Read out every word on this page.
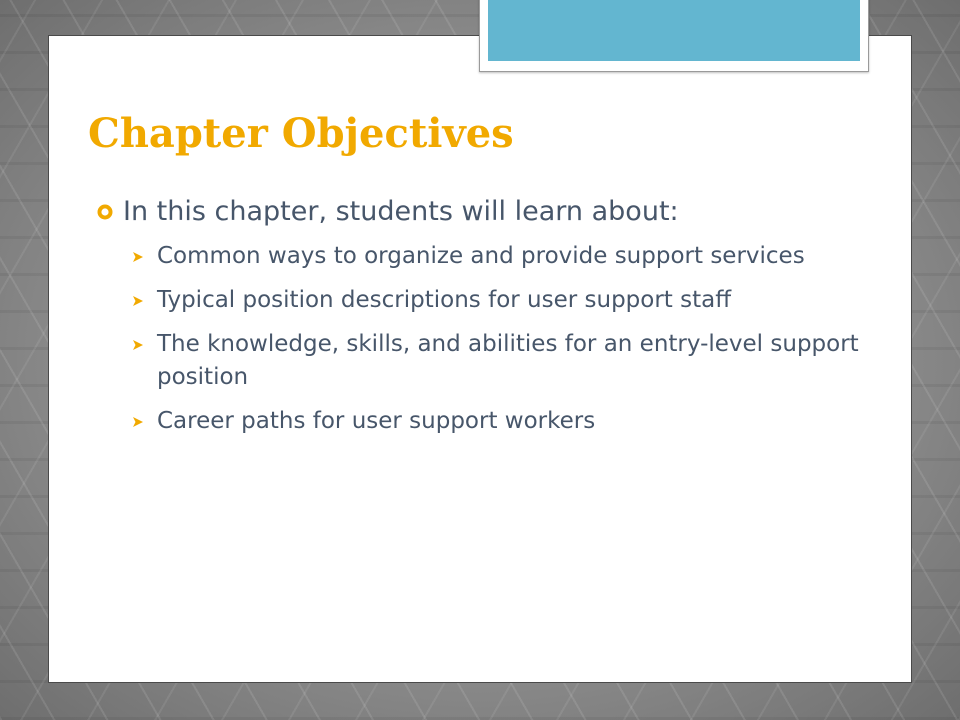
Chapter Objectives
In this chapter, students will learn about:
Common ways to organize and provide support services
Typical position descriptions for user support staff
The knowledge, skills, and abilities for an entry-level support position
Career paths for user support workers
